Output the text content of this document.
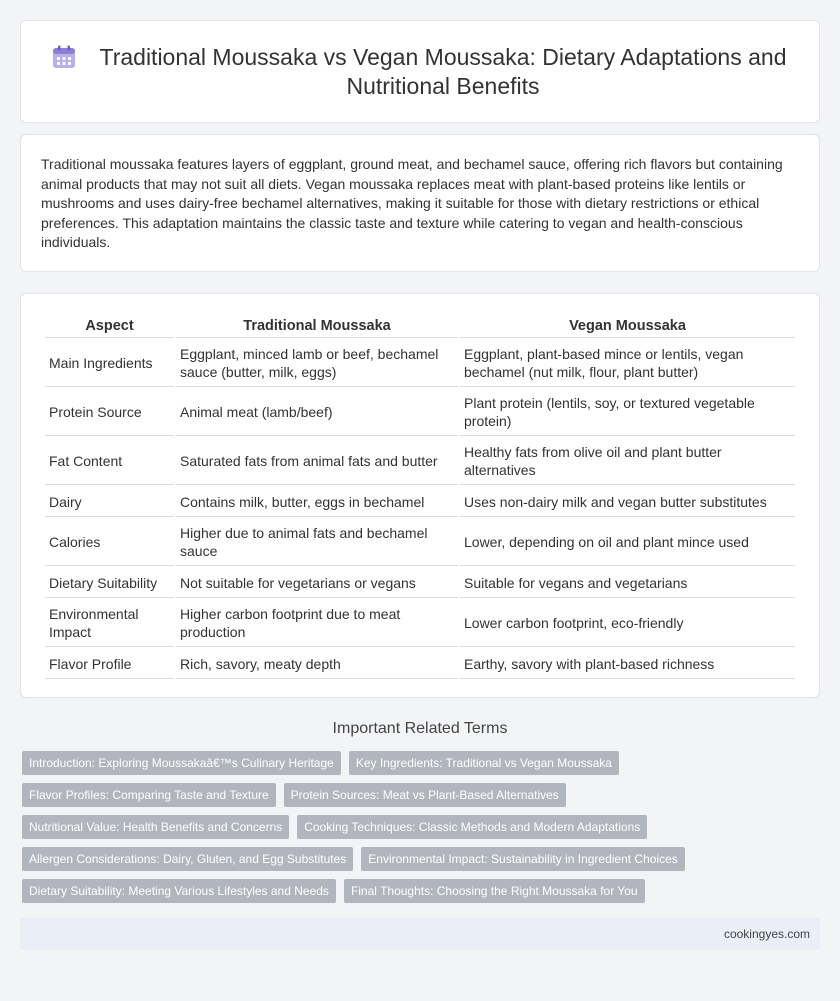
Traditional Moussaka vs Vegan Moussaka: Dietary Adaptations and Nutritional Benefits

Traditional moussaka features layers of eggplant, ground meat, and bechamel sauce, offering rich flavors but containing animal products that may not suit all diets. Vegan moussaka replaces meat with plant-based proteins like lentils or mushrooms and uses dairy-free bechamel alternatives, making it suitable for those with dietary restrictions or ethical preferences. This adaptation maintains the classic taste and texture while catering to vegan and health-conscious individuals.

Aspect	Traditional Moussaka	Vegan Moussaka
Main Ingredients	Eggplant, minced lamb or beef, bechamel sauce (butter, milk, eggs)	Eggplant, plant-based mince or lentils, vegan bechamel (nut milk, flour, plant butter)
Protein Source	Animal meat (lamb/beef)	Plant protein (lentils, soy, or textured vegetable protein)
Fat Content	Saturated fats from animal fats and butter	Healthy fats from olive oil and plant butter alternatives
Dairy	Contains milk, butter, eggs in bechamel	Uses non-dairy milk and vegan butter substitutes
Calories	Higher due to animal fats and bechamel sauce	Lower, depending on oil and plant mince used
Dietary Suitability	Not suitable for vegetarians or vegans	Suitable for vegans and vegetarians
Environmental Impact	Higher carbon footprint due to meat production	Lower carbon footprint, eco-friendly
Flavor Profile	Rich, savory, meaty depth	Earthy, savory with plant-based richness
Important Related Terms
Introduction: Exploring Moussakaâ€™s Culinary Heritage	Key Ingredients: Traditional vs Vegan Moussaka
Flavor Profiles: Comparing Taste and Texture	Protein Sources: Meat vs Plant-Based Alternatives
Nutritional Value: Health Benefits and Concerns	Cooking Techniques: Classic Methods and Modern Adaptations
Allergen Considerations: Dairy, Gluten, and Egg Substitutes	Environmental Impact: Sustainability in Ingredient Choices
Dietary Suitability: Meeting Various Lifestyles and Needs	Final Thoughts: Choosing the Right Moussaka for You
cookingyes.com
